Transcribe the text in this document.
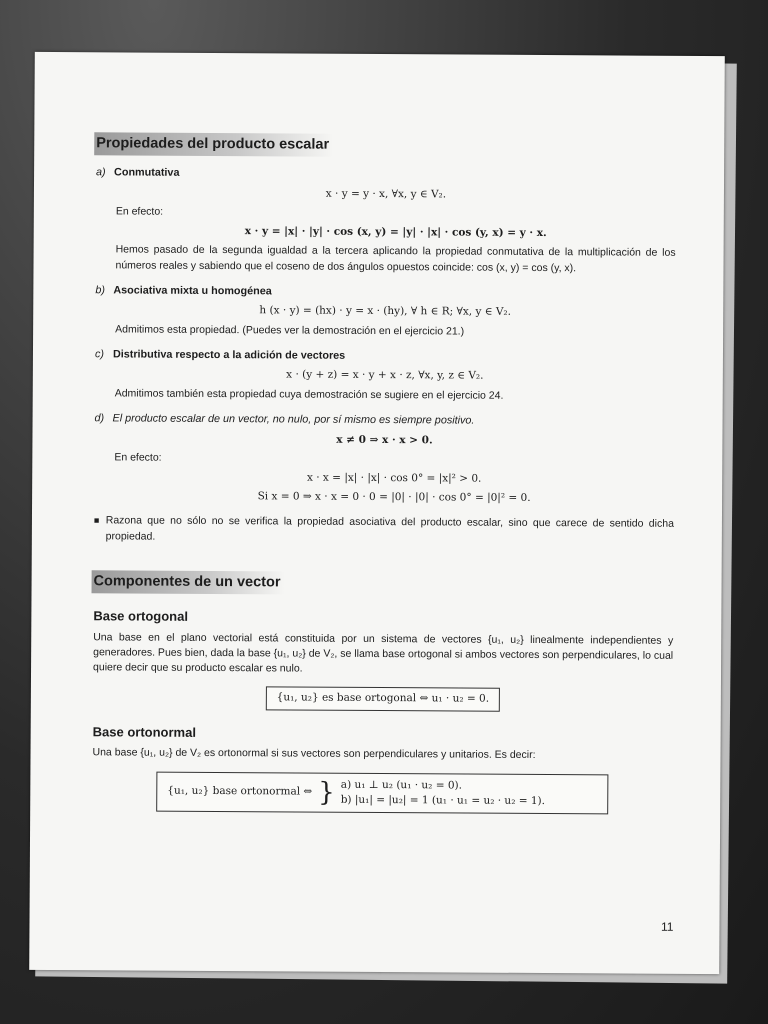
Propiedades del producto escalar
a) Conmutativa
x · y = y · x, ∀x, y ∈ V₂.
En efecto:
x · y = |x| · |y| · cos (x, y) = |y| · |x| · cos (y, x) = y · x.
Hemos pasado de la segunda igualdad a la tercera aplicando la propiedad conmutativa de la multiplicación de los números reales y sabiendo que el coseno de dos ángulos opuestos coincide: cos (x, y) = cos (y, x).
b) Asociativa mixta u homogénea
h (x · y) = (hx) · y = x · (hy), ∀ h ∈ R; ∀x, y ∈ V₂.
Admitimos esta propiedad. (Puedes ver la demostración en el ejercicio 21.)
c) Distributiva respecto a la adición de vectores
x · (y + z) = x · y + x · z, ∀x, y, z ∈ V₂.
Admitimos también esta propiedad cuya demostración se sugiere en el ejercicio 24.
d) El producto escalar de un vector, no nulo, por sí mismo es siempre positivo.
x ≠ 0 ⇒ x · x > 0.
En efecto:
x · x = |x| · |x| · cos 0° = |x|² > 0.
Si x = 0 ⇒ x · x = 0 · 0 = |0| · |0| · cos 0° = |0|² = 0.
■ Razona que no sólo no se verifica la propiedad asociativa del producto escalar, sino que carece de sentido dicha propiedad.
Componentes de un vector
Base ortogonal
Una base en el plano vectorial está constituida por un sistema de vectores {u₁, u₂} linealmente independientes y generadores. Pues bien, dada la base {u₁, u₂} de V₂, se llama base ortogonal si ambos vectores son perpendiculares, lo cual quiere decir que su producto escalar es nulo.
{u₁, u₂} es base ortogonal ⇔ u₁ · u₂ = 0.
Base ortonormal
Una base {u₁, u₂} de V₂ es ortonormal si sus vectores son perpendiculares y unitarios. Es decir:
{u₁, u₂} base ortonormal ⇔ } a) u₁ ⊥ u₂ (u₁ · u₂ = 0).
b) |u₁| = |u₂| = 1 (u₁ · u₁ = u₂ · u₂ = 1).
11
